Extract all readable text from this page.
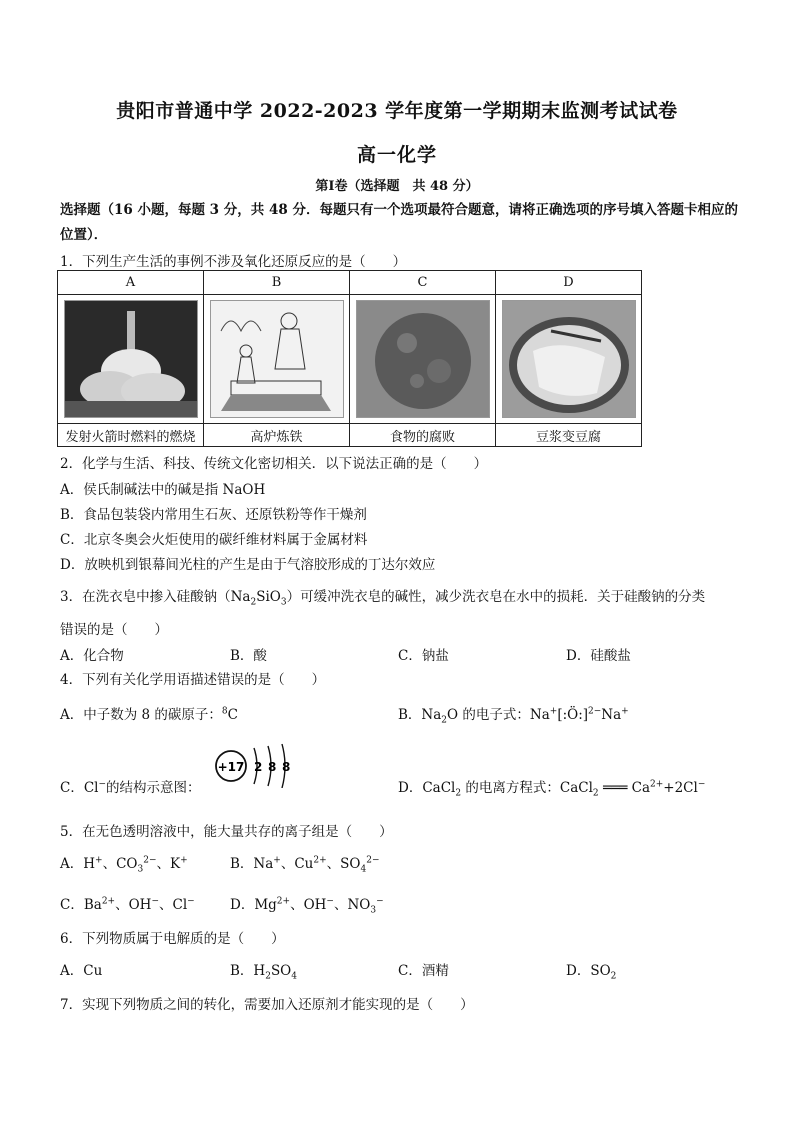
贵阳市普通中学 2022-2023 学年度第一学期期末监测考试试卷
高一化学
第Ⅰ卷（选择题　共 48 分）
选择题（16 小题，每题 3 分，共 48 分．每题只有一个选项最符合题意，请将正确选项的序号填入答题卡相应的位置）．
1．下列生产生活的事例不涉及氧化还原反应的是（　　）
A	B	C	D

发射火箭时燃料的燃烧	高炉炼铁	食物的腐败	豆浆变豆腐
2．化学与生活、科技、传统文化密切相关．以下说法正确的是（　　）
A．侯氏制碱法中的碱是指 NaOH
B．食品包装袋内常用生石灰、还原铁粉等作干燥剂
C．北京冬奥会火炬使用的碳纤维材料属于金属材料
D．放映机到银幕间光柱的产生是由于气溶胶形成的丁达尔效应
3．在洗衣皂中掺入硅酸钠$(Na_2SiO_3)$可缓冲洗衣皂的碱性，减少洗衣皂在水中的损耗．关于硅酸钠的分类
错误的是（　　）
A．化合物	B．酸	C．钠盐	D．硅酸盐
4．下列有关化学用语描述错误的是（　　）
A．中子数为 8 的碳原子：$^8$C	B．$Na_2O$ 的电子式：Na+[:Ö:]$^{2-}$Na+
C．Cl−的结构示意图：
+17 2 8 8
D．CaCl$_2$ 的电离方程式：CaCl$_2$ ═══ $Ca^{2+}+2Cl^-$
5．在无色透明溶液中，能大量共存的离子组是（　　）
A．H+、$CO_3^{2-}$、K+	B．Na+、$Cu^{2+}$、$SO_4^{2-}$
C．$Ba^{2+}$、OH−、Cl−	D．$Mg^{2+}$、OH−、$NO_3^-$
6．下列物质属于电解质的是（　　）
A．Cu	B．$H_2SO_4$	C．酒精	D．$SO_2$
7．实现下列物质之间的转化，需要加入还原剂才能实现的是（　　）
